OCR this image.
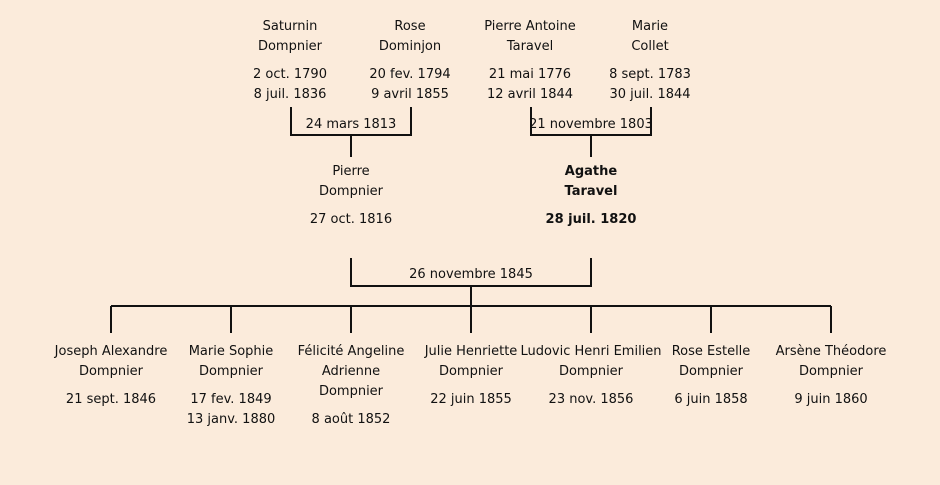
Saturnin
Dompnier
2 oct. 1790
8 juil. 1836
Rose
Dominjon
20 fev. 1794
9 avril 1855
Pierre Antoine
Taravel
21 mai 1776
12 avril 1844
Marie
Collet
8 sept. 1783
30 juil. 1844
24 mars 1813	21 novembre 1803
Pierre
Dompnier
27 oct. 1816
Agathe
Taravel
28 juil. 1820
26 novembre 1845
Joseph Alexandre
Dompnier
21 sept. 1846
Marie Sophie
Dompnier
17 fev. 1849
13 janv. 1880
Félicité Angeline Adrienne
Dompnier
8 août 1852
Julie Henriette
Dompnier
22 juin 1855
Ludovic Henri Emilien
Dompnier
23 nov. 1856
Rose Estelle
Dompnier
6 juin 1858
Arsène Théodore
Dompnier
9 juin 1860
